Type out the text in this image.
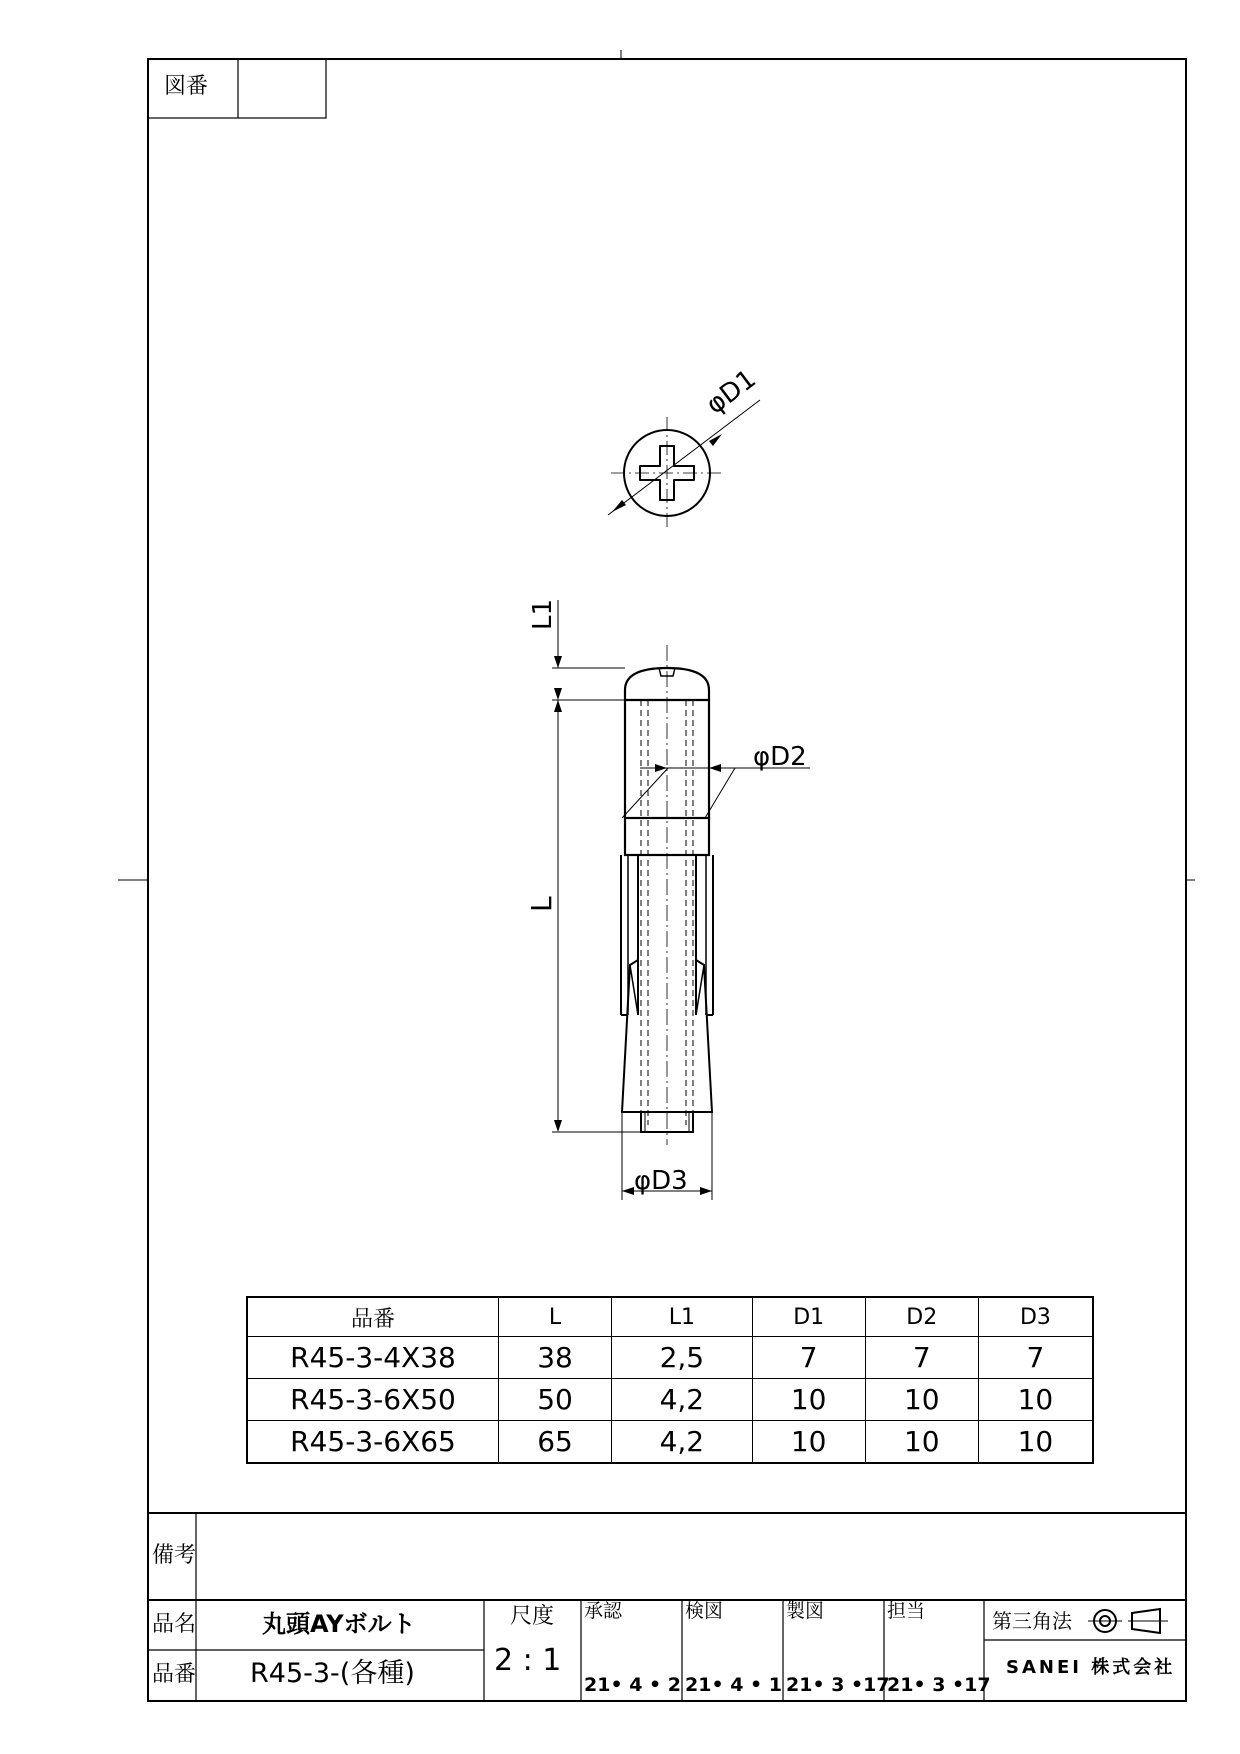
図番
φD1
φD2
φD3
L
L1
品番	L	L1	D1	D2	D3
R45-3-4X38	38	2,5	7	7	7
R45-3-6X50	50	4,2	10	10	10
R45-3-6X65	65	4,2	10	10	10
備考
品名	丸頭AYボルト
品番 R45-3-(各種)
尺度
2 : 1
承認
21• 4 • 2
検図
21• 4 • 1
製図
21• 3 •17
担当
21• 3 •17
第三角法
SANEI 株式会社
